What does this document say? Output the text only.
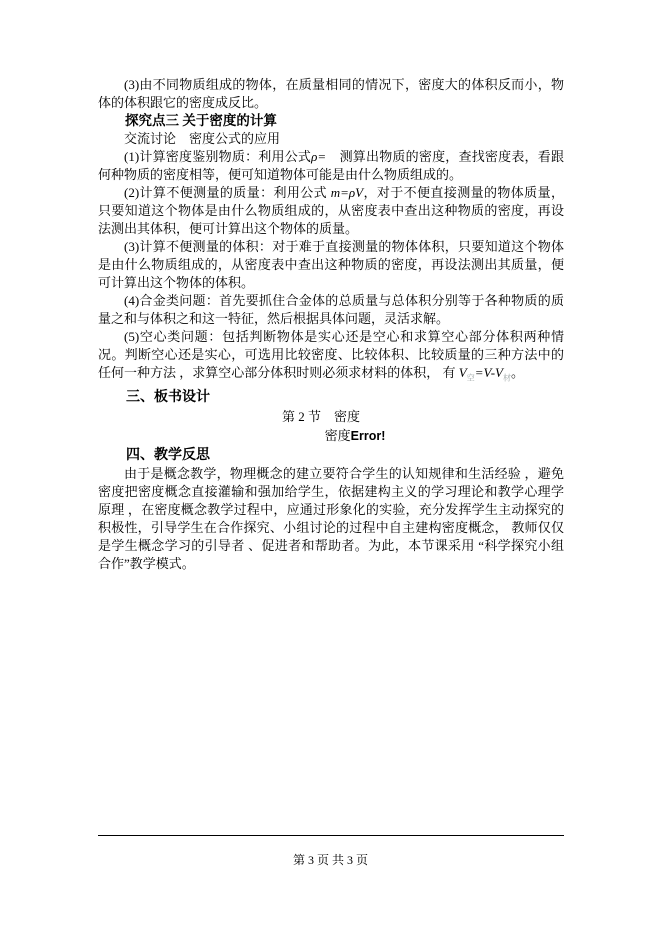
(3)由不同物质组成的物体，在质量相同的情况下，密度大的体积反而小，物体的体积跟它的密度成反比。

探究点三 关于密度的计算

交流讨论　密度公式的应用

(1)计算密度鉴别物质：利用公式ρ=　测算出物质的密度，查找密度表，看跟何种物质的密度相等，便可知道物体可能是由什么物质组成的。

(2)计算不便测量的质量：利用公式 m=ρV，对于不便直接测量的物体质量，只要知道这个物体是由什么物质组成的，从密度表中查出这种物质的密度，再设法测出其体积，便可计算出这个物体的质量。

(3)计算不便测量的体积：对于难于直接测量的物体体积，只要知道这个物体是由什么物质组成的，从密度表中查出这种物质的密度，再设法测出其质量，便可计算出这个物体的体积。

(4)合金类问题：首先要抓住合金体的总质量与总体积分别等于各种物质的质量之和与体积之和这一特征，然后根据具体问题，灵活求解。

(5)空心类问题：包括判断物体是实心还是空心和求算空心部分体积两种情况。判断空心还是实心，可选用比较密度、比较体积、比较质量的三种方法中的任何一种方法 ，求算空心部分体积时则必须求材料的体积， 有 $V_空=V-V_材$。

三、板书设计

第 2 节　密度

密度Error!

四、教学反思

由于是概念教学，物理概念的建立要符合学生的认知规律和生活经验 ，避免密度把密度概念直接灌输和强加给学生，依据建构主义的学习理论和教学心理学原理 ，在密度概念教学过程中，应通过形象化的实验，充分发挥学生主动探究的积极性，引导学生在合作探究、小组讨论的过程中自主建构密度概念， 教师仅仅是学生概念学习的引导者 、促进者和帮助者。为此，本节课采用 “科学探究小组合作”教学模式。

第 3 页 共 3 页
